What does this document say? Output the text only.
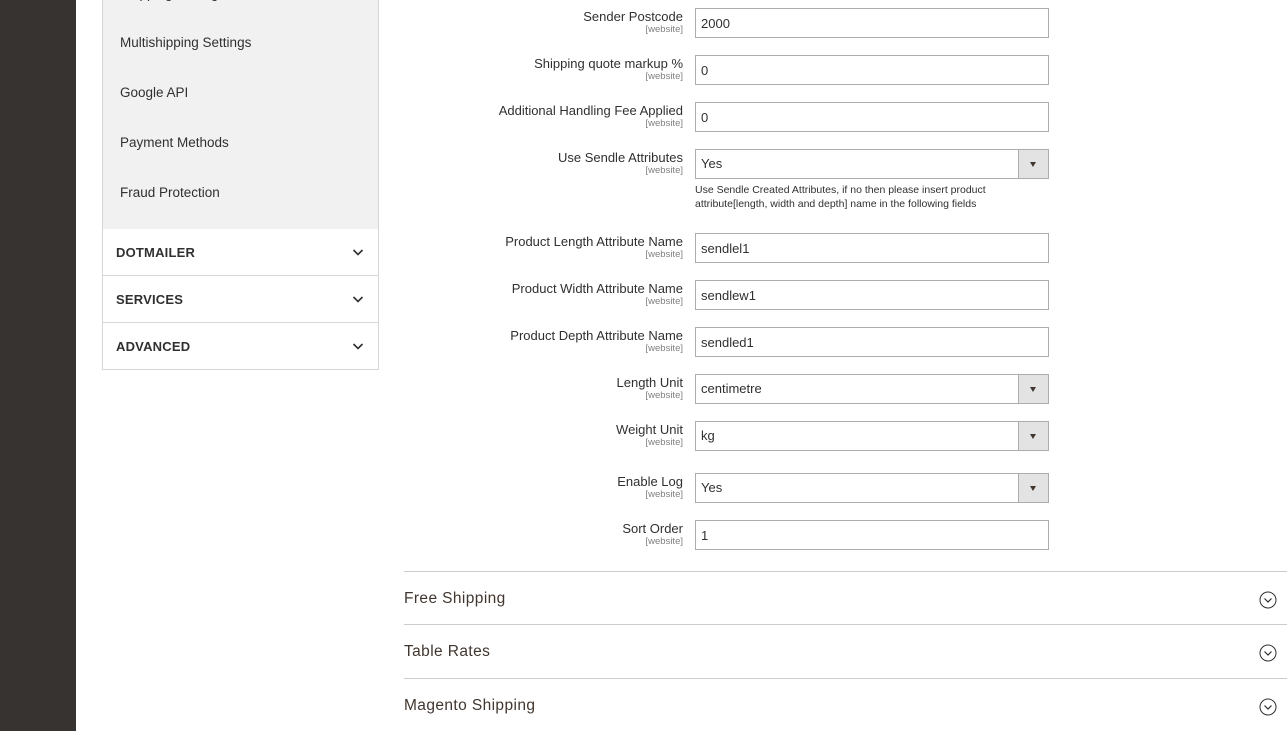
Multishipping Settings
Google API
Payment Methods
Fraud Protection
DOTMAILER
SERVICES
ADVANCED
Sender Postcode
[website]
2000
Shipping quote markup %
[website]
0
Additional Handling Fee Applied
[website]
0
Use Sendle Attributes
[website] Yes
Use Sendle Created Attributes, if no then please insert product attribute[length, width and depth] name in the following fields
Product Length Attribute Name
[website]
sendlel1
Product Width Attribute Name
[website]
sendlew1
Product Depth Attribute Name
[website]
sendled1
Length Unit
[website] centimetre
Weight Unit
[website] kg
Enable Log
[website] Yes
Sort Order
[website]
1
Free Shipping
Table Rates
Magento Shipping
